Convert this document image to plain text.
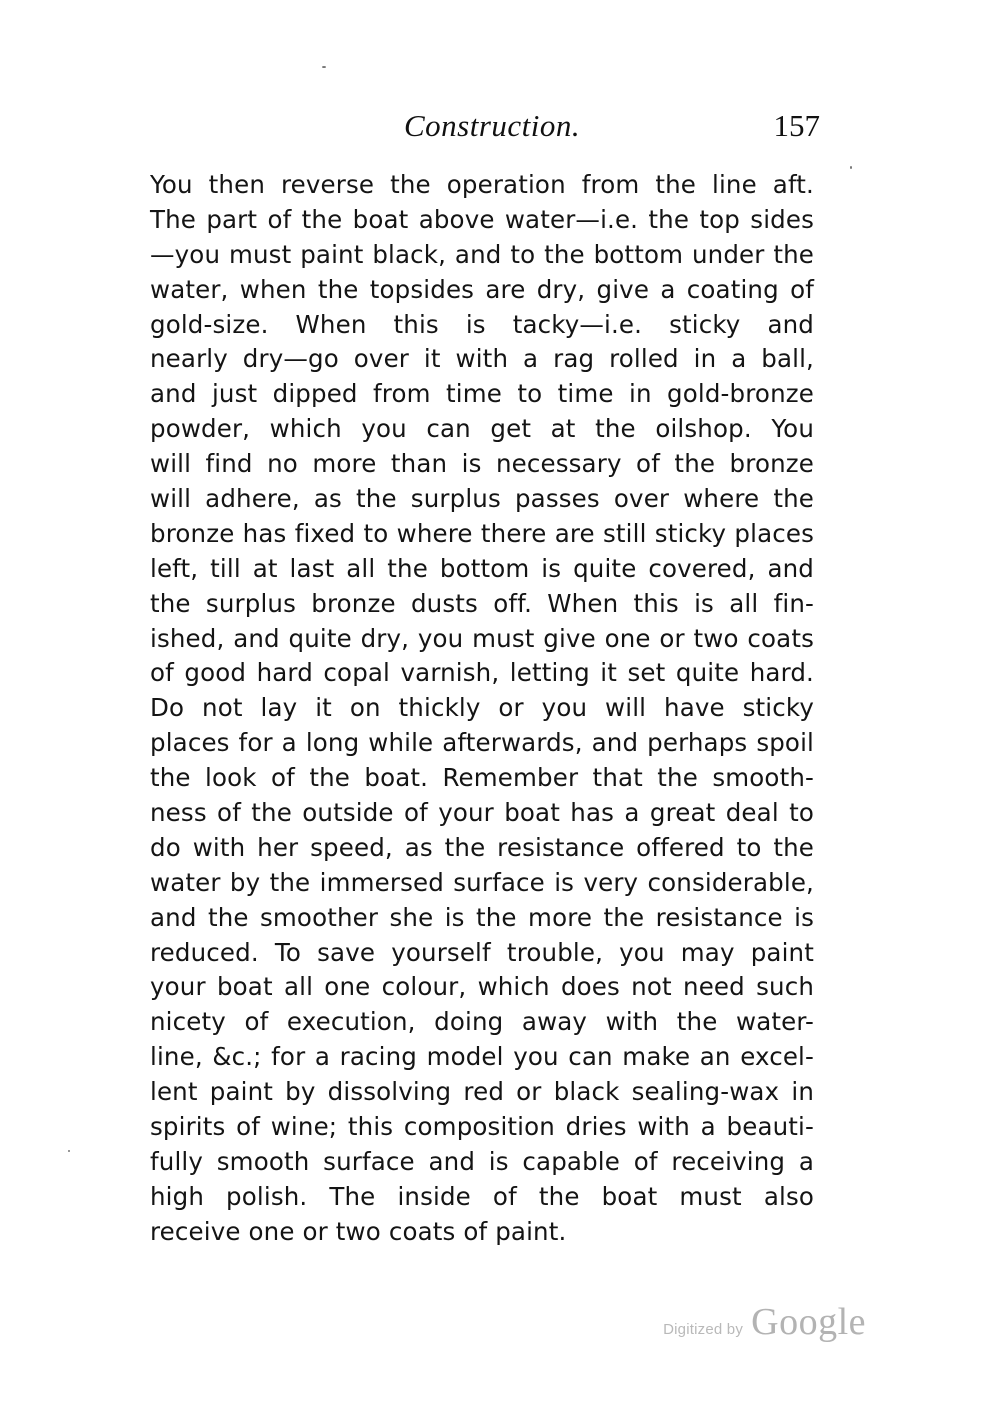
Construction.	157
You then reverse the operation from the line aft.
The part of the boat above water—i.e. the top sides
—you must paint black, and to the bottom under the
water, when the topsides are dry, give a coating of
gold-size. When this is tacky—i.e. sticky and
nearly dry—go over it with a rag rolled in a ball,
and just dipped from time to time in gold-bronze
powder, which you can get at the oilshop. You
will find no more than is necessary of the bronze
will adhere, as the surplus passes over where the
bronze has fixed to where there are still sticky places
left, till at last all the bottom is quite covered, and
the surplus bronze dusts off. When this is all fin-
ished, and quite dry, you must give one or two coats
of good hard copal varnish, letting it set quite hard.
Do not lay it on thickly or you will have sticky
places for a long while afterwards, and perhaps spoil
the look of the boat. Remember that the smooth-
ness of the outside of your boat has a great deal to
do with her speed, as the resistance offered to the
water by the immersed surface is very considerable,
and the smoother she is the more the resistance is
reduced. To save yourself trouble, you may paint
your boat all one colour, which does not need such
nicety of execution, doing away with the water-
line, &c.; for a racing model you can make an excel-
lent paint by dissolving red or black sealing-wax in
spirits of wine; this composition dries with a beauti-
fully smooth surface and is capable of receiving a
high polish. The inside of the boat must also
receive one or two coats of paint.
Digitized by Google
